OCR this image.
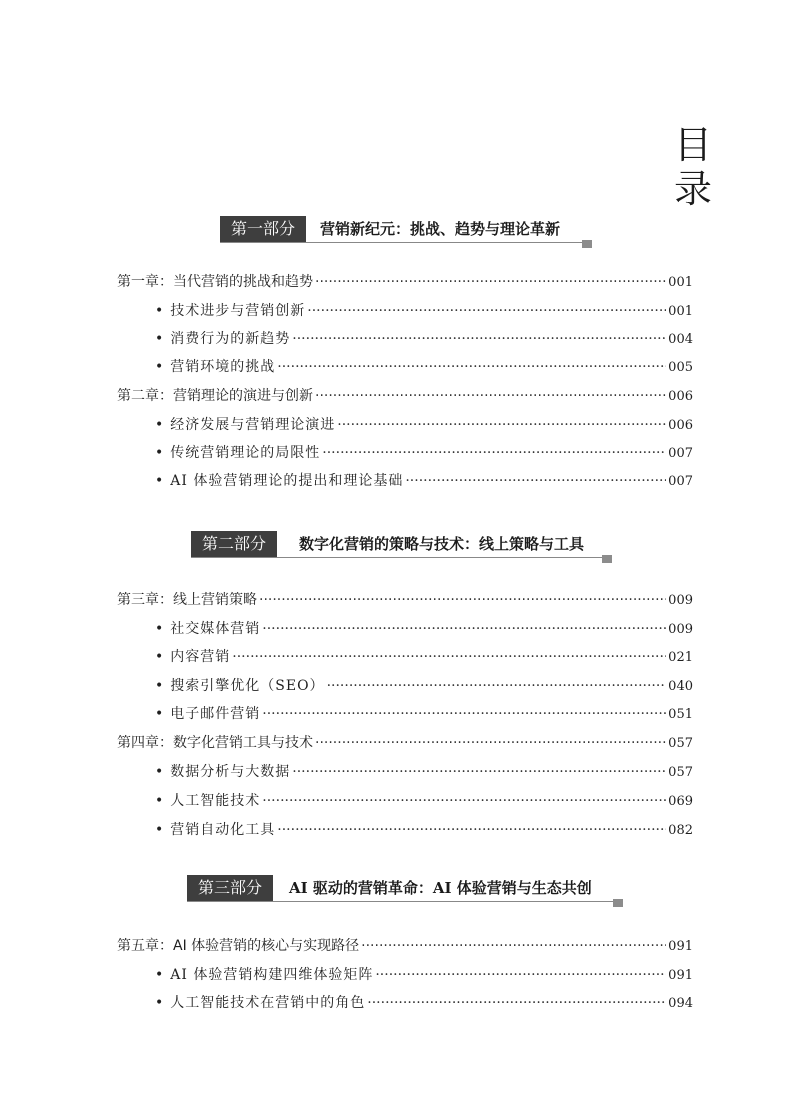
目
录
第一部分	营销新纪元：挑战、趋势与理论革新
第一章：当代营销的挑战和趋势 ·····	001
• 技术进步与营销创新 ·····	001
• 消费行为的新趋势 ·····	004
• 营销环境的挑战 ·····	005
第二章：营销理论的演进与创新 ·····	006
• 经济发展与营销理论演进 ·····	006
• 传统营销理论的局限性 ·····	007
• AI 体验营销理论的提出和理论基础 ·····	007
第二部分	数字化营销的策略与技术：线上策略与工具
第三章：线上营销策略 ·····	009
• 社交媒体营销 ·····	009
• 内容营销 ·····	021
• 搜索引擎优化（SEO） ·····	040
• 电子邮件营销 ·····	051
第四章：数字化营销工具与技术 ·····	057
• 数据分析与大数据 ·····	057
• 人工智能技术 ·····	069
• 营销自动化工具 ·····	082
第三部分	AI 驱动的营销革命：AI 体验营销与生态共创
第五章：AI 体验营销的核心与实现路径 ·····	091
• AI 体验营销构建四维体验矩阵 ·····	091
• 人工智能技术在营销中的角色 ·····	094
